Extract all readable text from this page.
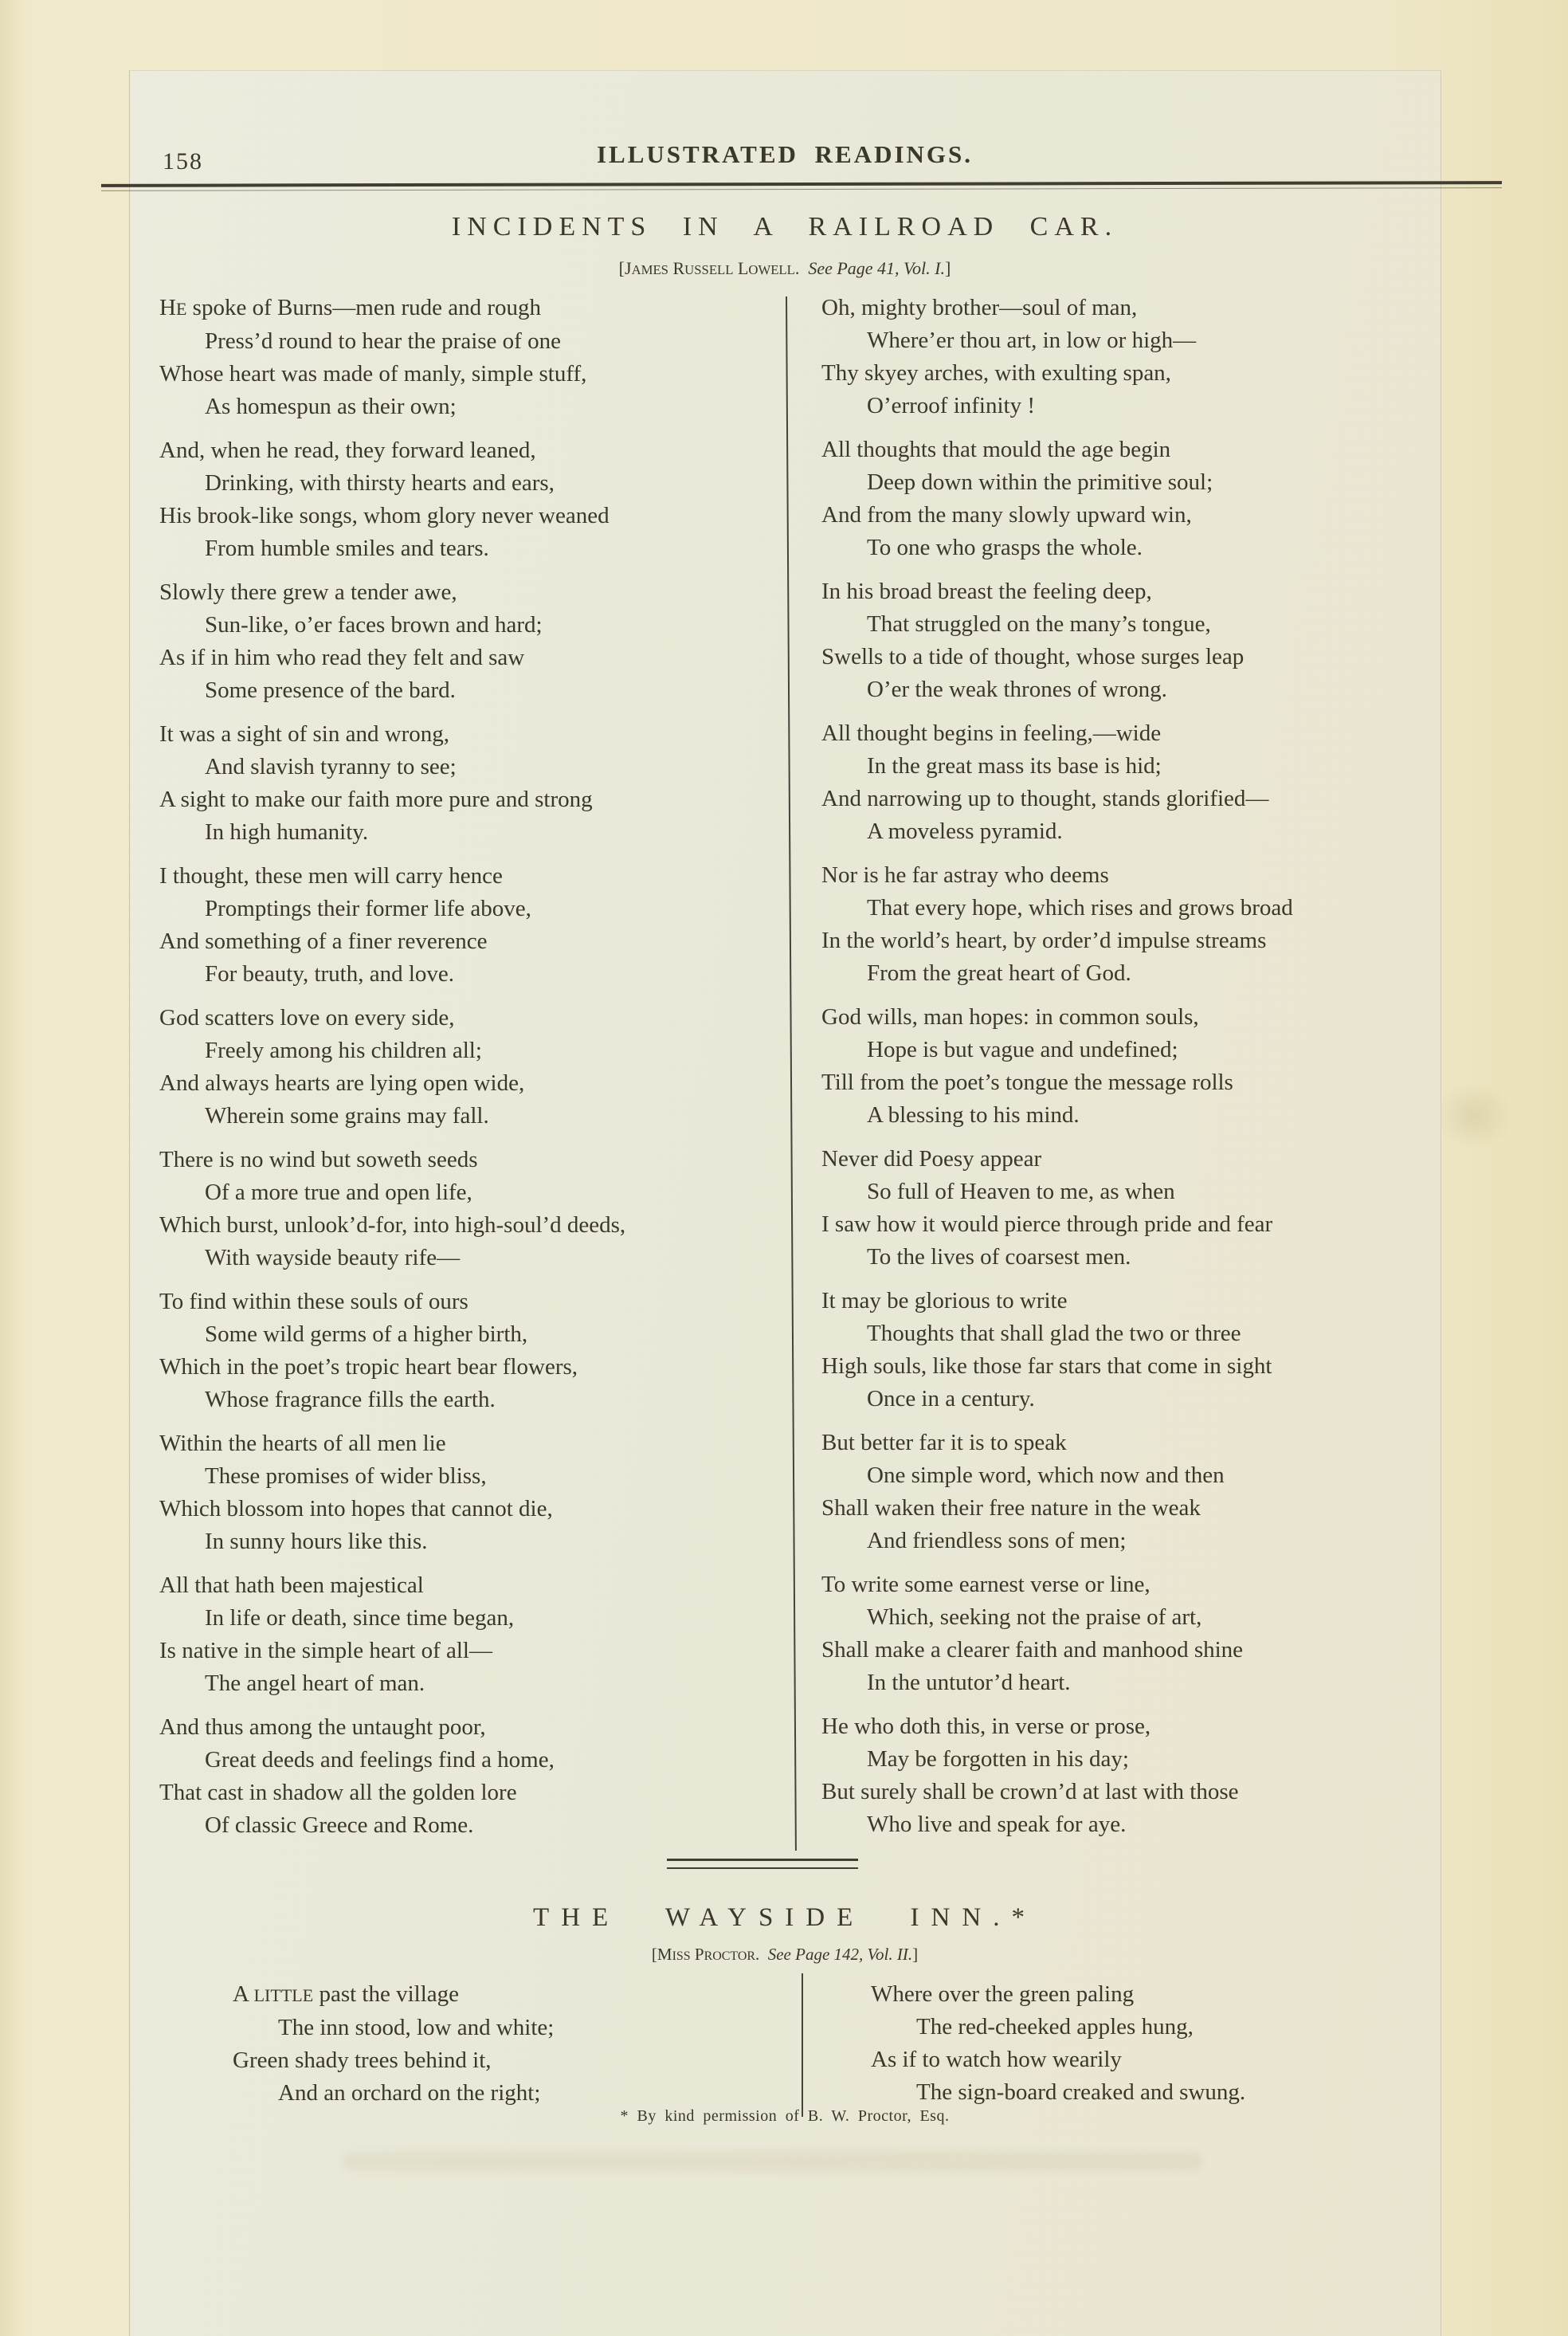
158	ILLUSTRATED READINGS.
INCIDENTS IN A RAILROAD CAR.
[JAMES RUSSELL LOWELL. See Page 41, Vol. I.]
HE spoke of Burns—men rude and rough
Press’d round to hear the praise of one
Whose heart was made of manly, simple stuff,
As homespun as their own;
And, when he read, they forward leaned,
Drinking, with thirsty hearts and ears,
His brook-like songs, whom glory never weaned
From humble smiles and tears.
Slowly there grew a tender awe,
Sun-like, o’er faces brown and hard;
As if in him who read they felt and saw
Some presence of the bard.
It was a sight of sin and wrong,
And slavish tyranny to see;
A sight to make our faith more pure and strong
In high humanity.
I thought, these men will carry hence
Promptings their former life above,
And something of a finer reverence
For beauty, truth, and love.
God scatters love on every side,
Freely among his children all;
And always hearts are lying open wide,
Wherein some grains may fall.
There is no wind but soweth seeds
Of a more true and open life,
Which burst, unlook’d-for, into high-soul’d deeds,
With wayside beauty rife—
To find within these souls of ours
Some wild germs of a higher birth,
Which in the poet’s tropic heart bear flowers,
Whose fragrance fills the earth.
Within the hearts of all men lie
These promises of wider bliss,
Which blossom into hopes that cannot die,
In sunny hours like this.
All that hath been majestical
In life or death, since time began,
Is native in the simple heart of all—
The angel heart of man.
And thus among the untaught poor,
Great deeds and feelings find a home,
That cast in shadow all the golden lore
Of classic Greece and Rome.
Oh, mighty brother—soul of man,
Where’er thou art, in low or high—
Thy skyey arches, with exulting span,
O’erroof infinity !
All thoughts that mould the age begin
Deep down within the primitive soul;
And from the many slowly upward win,
To one who grasps the whole.
In his broad breast the feeling deep,
That struggled on the many’s tongue,
Swells to a tide of thought, whose surges leap
O’er the weak thrones of wrong.
All thought begins in feeling,—wide
In the great mass its base is hid;
And narrowing up to thought, stands glorified—
A moveless pyramid.
Nor is he far astray who deems
That every hope, which rises and grows broad
In the world’s heart, by order’d impulse streams
From the great heart of God.
God wills, man hopes: in common souls,
Hope is but vague and undefined;
Till from the poet’s tongue the message rolls
A blessing to his mind.
Never did Poesy appear
So full of Heaven to me, as when
I saw how it would pierce through pride and fear
To the lives of coarsest men.
It may be glorious to write
Thoughts that shall glad the two or three
High souls, like those far stars that come in sight
Once in a century.
But better far it is to speak
One simple word, which now and then
Shall waken their free nature in the weak
And friendless sons of men;
To write some earnest verse or line,
Which, seeking not the praise of art,
Shall make a clearer faith and manhood shine
In the untutor’d heart.
He who doth this, in verse or prose,
May be forgotten in his day;
But surely shall be crown’d at last with those
Who live and speak for aye.
THE WAYSIDE INN.*
[MISS PROCTOR. See Page 142, Vol. II.]
A LITTLE past the village
The inn stood, low and white;
Green shady trees behind it,
And an orchard on the right;
Where over the green paling
The red-cheeked apples hung,
As if to watch how wearily
The sign-board creaked and swung.
* By kind permission of B. W. Proctor, Esq.
